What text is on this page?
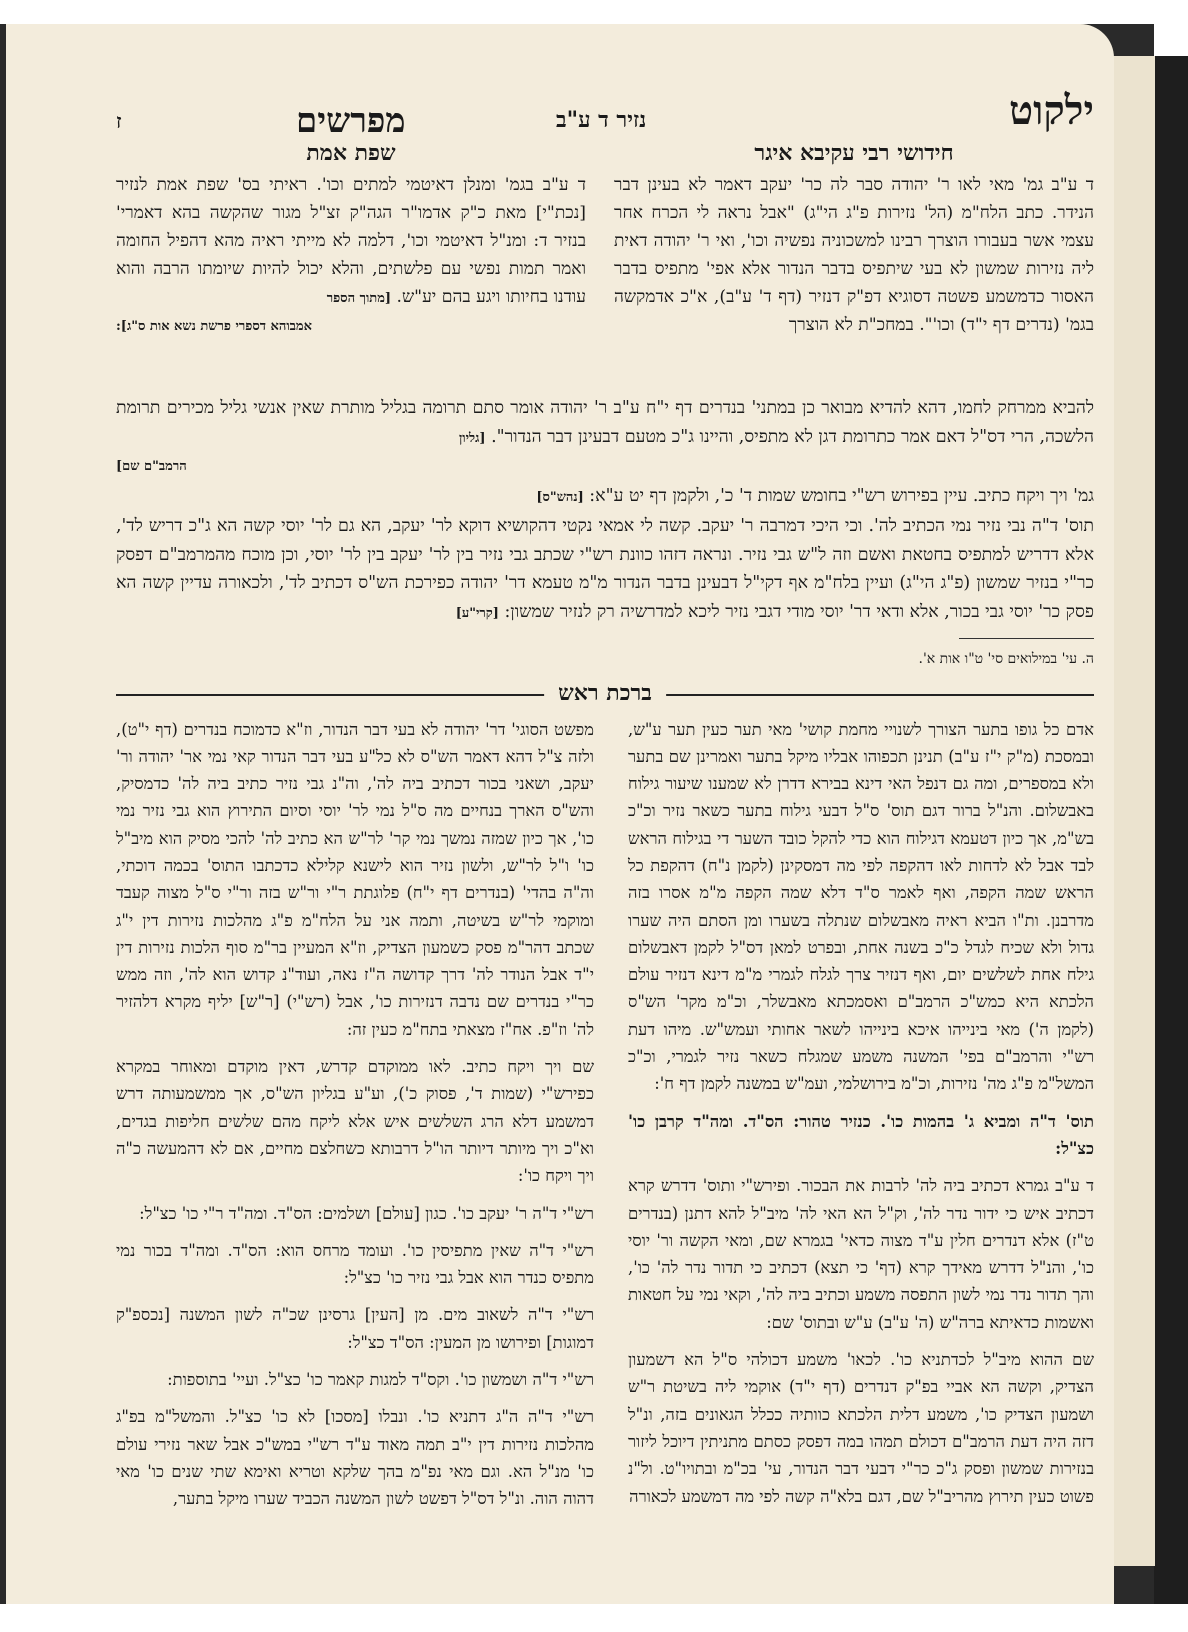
ילקוט
נזיר ד ע"ב
מפרשים
ז
חידושי רבי עקיבא איגר
ד ע"ב גמ' מאי לאו ר' יהודה סבר לה כר' יעקב דאמר לא בעינן דבר הנידר. כתב הלח"מ (הל' נזירות פ"ג הי"ג) "אבל נראה לי הכרח אחר עצמי אשר בעבורו הוצרך רבינו למשכוניה נפשיה וכו', ואי ר' יהודה דאית ליה נזירות שמשון לא בעי שיתפיס בדבר הנדור אלא אפי' מתפיס בדבר האסור כדמשמע פשטה דסוגיא דפ"ק דנזיר (דף ד' ע"ב), א"כ אדמקשה בגמ' (נדרים דף י"ד) וכו'". במחכ"ת לא הוצרך
שפת אמת
ד ע"ב בגמ' ומנלן דאיטמי למתים וכו'. ראיתי בס' שפת אמת לנזיר [נכת"י] מאת כ"ק אדמו"ר הגה"ק זצ"ל מגור שהקשה בהא דאמרי' בנזיר ד: ומנ"ל דאיטמי וכו', דלמה לא מייתי ראיה מהא דהפיל החומה ואמר תמות נפשי עם פלשתים, והלא יכול להיות שיומתו הרבה והוא עודנו בחיותו ויגע בהם יע"ש. [מתוך הספר
אמבוהא דספרי פרשת נשא אות ס"ג]:

להביא ממרחק לחמו, דהא להדיא מבואר כן במתני' בנדרים דף י"ח ע"ב ר' יהודה אומר סתם תרומה בגליל מותרת שאין אנשי גליל מכירים תרומת הלשכה, הרי דס"ל דאם אמר כתרומת דגן לא מתפיס, והיינו ג"כ מטעם דבעינן דבר הנדור". [גליון

הרמב"ם שם]

גמ' ויך ויקח כתיב. עיין בפירוש רש"י בחומש שמות ד' כ', ולקמן דף יט ע"א: [נהש"ס]

תוס' ד"ה נבי נזיר נמי הכתיב לה'. וכי היכי דמרבה ר' יעקב. קשה לי אמאי נקטי דהקושיא דוקא לר' יעקב, הא גם לר' יוסי קשה הא ג"כ דריש לד', אלא דדריש למתפיס בחטאת ואשם וזה ל"ש גבי נזיר. ונראה דזהו כוונת רש"י שכתב גבי נזיר בין לר' יעקב בין לר' יוסי, וכן מוכח מהמרמב"ם דפסק כר"י בנזיר שמשון (פ"ג הי"ג) ועיין בלח"מ אף דקי"ל דבעינן בדבר הנדור מ"מ טעמא דר' יהודה כפירכת הש"ס דכתיב לד', ולכאורה עדיין קשה הא פסק כר' יוסי גבי בכור, אלא ודאי דר' יוסי מודי דגבי נזיר ליכא למדרשיה רק לנזיר שמשון: [קרי"ע]

ה. עי' במילואים סי' ט"ו אות א'.
ברכת ראש

אדם כל גופו בתער הצורך לשנויי מחמת קושי' מאי תער כעין תער ע"ש, ובמסכת (מ"ק י"ז ע"ב) תנינן תכפוהו אבליו מיקל בתער ואמרינן שם בתער ולא במספרים, ומה גם דנפל האי דינא בבירא דדרן לא שמענו שיעור גילוח באבשלום. והנ"ל ברור דגם תוס' ס"ל דבעי גילוח בתער כשאר נזיר וכ"כ בש"מ, אך כיון דטעמא דגילוח הוא כדי להקל כובד השער די בגילוח הראש לבד אבל לא לדחות לאו דהקפה לפי מה דמסקינן (לקמן נ"ח) דהקפת כל הראש שמה הקפה, ואף לאמר ס"ד דלא שמה הקפה מ"מ אסרו בזה מדרבנן. ות"ו הביא ראיה מאבשלום שנתלה בשערו ומן הסתם היה שערו גדול ולא שכיח לגדל כ"כ בשנה אחת, ובפרט למאן דס"ל לקמן דאבשלום גילח אחת לשלשים יום, ואף דנזיר צרך לגלח לגמרי מ"מ דינא דנזיר עולם הלכתא היא כמש"כ הרמב"ם ואסמכתא מאבשלר, וכ"מ מקר' הש"ס (לקמן ה') מאי בינייהו איכא בינייהו לשאר אחותי ועמש"ש. מיהו דעת רש"י והרמב"ם בפי' המשנה משמע שמגלח כשאר נזיר לגמרי, וכ"כ המשל"מ פ"ג מה' נזירות, וכ"מ בירושלמי, ועמ"ש במשנה לקמן דף ח':

תוס' ד"ה ומביא ג' בהמות כו'. כנזיר טהור: הס"ד. ומה"ד קרבן כו' כצ"ל:

ד ע"ב גמרא דכתיב ביה לה' לרבות את הבכור. ופירש"י ותוס' דדרש קרא דכתיב איש כי ידור נדר לה', וק"ל הא האי לה' מיב"ל להא דתנן (בנדרים ט"ז) אלא דנדרים חלין ע"ד מצוה כדאי' בגמרא שם, ומאי הקשה ור' יוסי כו', והנ"ל דדרש מאידך קרא (דף' כי תצא) דכתיב כי תדור נדר לה' כו', והך תדור נדר נמי לשון התפסה משמע וכתיב ביה לה', וקאי נמי על חטאות ואשמות כדאיתא ברה"ש (ה' ע"ב) ע"ש ובתוס' שם:

שם ההוא מיב"ל לכדתניא כו'. לכאו' משמע דכולהי ס"ל הא דשמעון הצדיק, וקשה הא אביי בפ"ק דנדרים (דף י"ד) אוקמי ליה בשיטת ר"ש ושמעון הצדיק כו', משמע דלית הלכתא כוותיה ככלל הגאונים בזה, ונ"ל דזה היה דעת הרמב"ם דכולם תמהו במה דפסק כסתם מתניתין דיוכל ליזור בנזירות שמשון ופסק ג"כ כר"י דבעי דבר הנדור, עי' בכ"מ ובתויו"ט. ול"נ פשוט כעין תירוץ מהריב"ל שם, דגם בלא"ה קשה לפי מה דמשמע לכאורה

מפשט הסוגי' דר' יהודה לא בעי דבר הנדור, וז"א כדמוכח בנדרים (דף י"ט), ולזה צ"ל דהא דאמר הש"ס לא כל"ע בעי דבר הנדור קאי נמי אר' יהודה ור' יעקב, ושאני בכור דכתיב ביה לה', וה"נ גבי נזיר כתיב ביה לה' כדמסיק, והש"ס הארך בנחיים מה ס"ל נמי לר' יוסי וסיום התירוץ הוא גבי נזיר נמי כו', אך כיון שמזה נמשך נמי קר' לר"ש הא כתיב לה' להכי מסיק הוא מיב"ל כו' ו"ל לר"ש, ולשון נזיר הוא לישנא קלילא כדכתבו התוס' בכמה דוכתי, וה"ה בהדי' (בנדרים דף י"ח) פלוגתת ר"י ור"ש בזה ור"י ס"ל מצוה קעבד ומוקמי לר"ש בשיטה, ותמה אני על הלח"מ פ"ג מהלכות נזירות דין י"ג שכתב דהר"מ פסק כשמעון הצדיק, וז"א המעיין בר"מ סוף הלכות נזירות דין י"ד אבל הנודר לה' דרך קדושה ה"ז נאה, ועוד"נ קדוש הוא לה', וזה ממש כר"י בנדרים שם נדבה דנזירות כו', אבל (רש"י) [ר"ש] יליף מקרא דלהזיר לה' וז"פ. אח"ז מצאתי בתח"מ כעין זה:

שם ויך ויקח כתיב. לאו ממוקדם קדרש, דאין מוקדם ומאוחר במקרא כפירש"י (שמות ד', פסוק כ'), וע"ע בגליון הש"ס, אך ממשמעותה דרש דמשמע דלא הרג השלשים איש אלא ליקח מהם שלשים חליפות בגדים, וא"כ ויך מיותר דיותר הו"ל דרבותא כשחלצם מחיים, אם לא דהמעשה כ"ה ויך ויקח כו':

רש"י ד"ה ר' יעקב כו'. כגון [עולם] ושלמים: הס"ד. ומה"ד ר"י כו' כצ"ל:

רש"י ד"ה שאין מתפיסין כו'. ועומד מרחס הוא: הס"ד. ומה"ד בכור נמי מתפיס כנדר הוא אבל גבי נזיר כו' כצ"ל:

רש"י ד"ה לשאוב מים. מן [העין] גרסינן שכ"ה לשון המשנה [נכספ"ק דמוגות] ופירושו מן המעין: הס"ד כצ"ל:

רש"י ד"ה ושמשון כו'. וקס"ד למגות קאמר כו' כצ"ל. ועיי' בתוספות:

רש"י ד"ה ה"ג דתניא כו'. ונבלו [מסכו] לא כו' כצ"ל. והמשל"מ בפ"ג מהלכות נזירות דין י"ב תמה מאוד ע"ד רש"י במש"כ אבל שאר נזירי עולם כו' מנ"ל הא. וגם מאי נפ"מ בהך שלקא וטריא ואימא שתי שנים כו' מאי דהוה הוה. ונ"ל דס"ל דפשט לשון המשנה הכביד שערו מיקל בתער,
